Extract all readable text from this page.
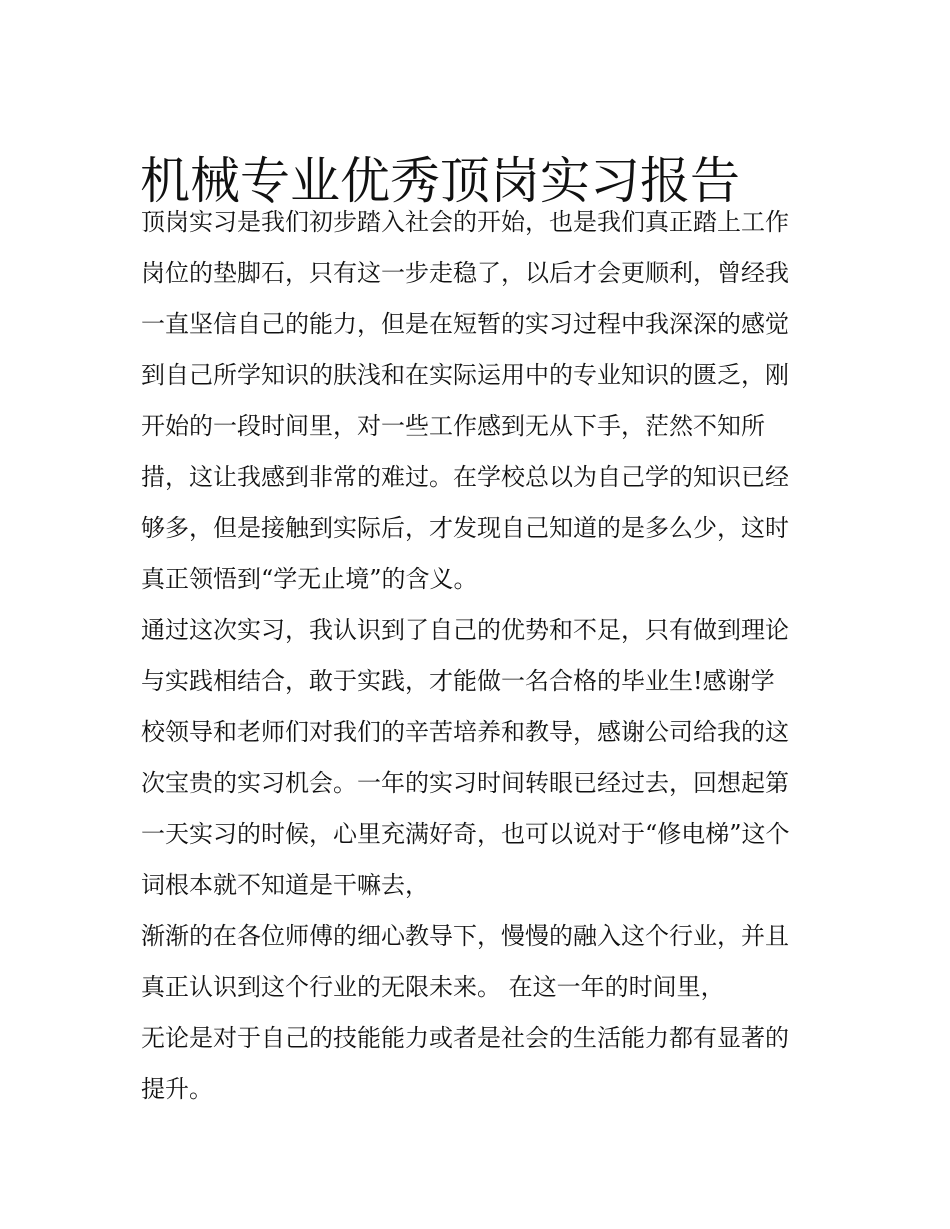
机械专业优秀顶岗实习报告
顶岗实习是我们初步踏入社会的开始，也是我们真正踏上工作
岗位的垫脚石，只有这一步走稳了，以后才会更顺利，曾经我
一直坚信自己的能力，但是在短暂的实习过程中我深深的感觉
到自己所学知识的肤浅和在实际运用中的专业知识的匮乏，刚
开始的一段时间里，对一些工作感到无从下手，茫然不知所
措，这让我感到非常的难过。在学校总以为自己学的知识已经
够多，但是接触到实际后，才发现自己知道的是多么少，这时
真正领悟到“学无止境”的含义。
通过这次实习，我认识到了自己的优势和不足，只有做到理论
与实践相结合，敢于实践，才能做一名合格的毕业生!感谢学
校领导和老师们对我们的辛苦培养和教导，感谢公司给我的这
次宝贵的实习机会。一年的实习时间转眼已经过去，回想起第
一天实习的时候，心里充满好奇，也可以说对于“修电梯”这个
词根本就不知道是干嘛去，
渐渐的在各位师傅的细心教导下，慢慢的融入这个行业，并且
真正认识到这个行业的无限未来。 在这一年的时间里，
无论是对于自己的技能能力或者是社会的生活能力都有显著的
提升。
